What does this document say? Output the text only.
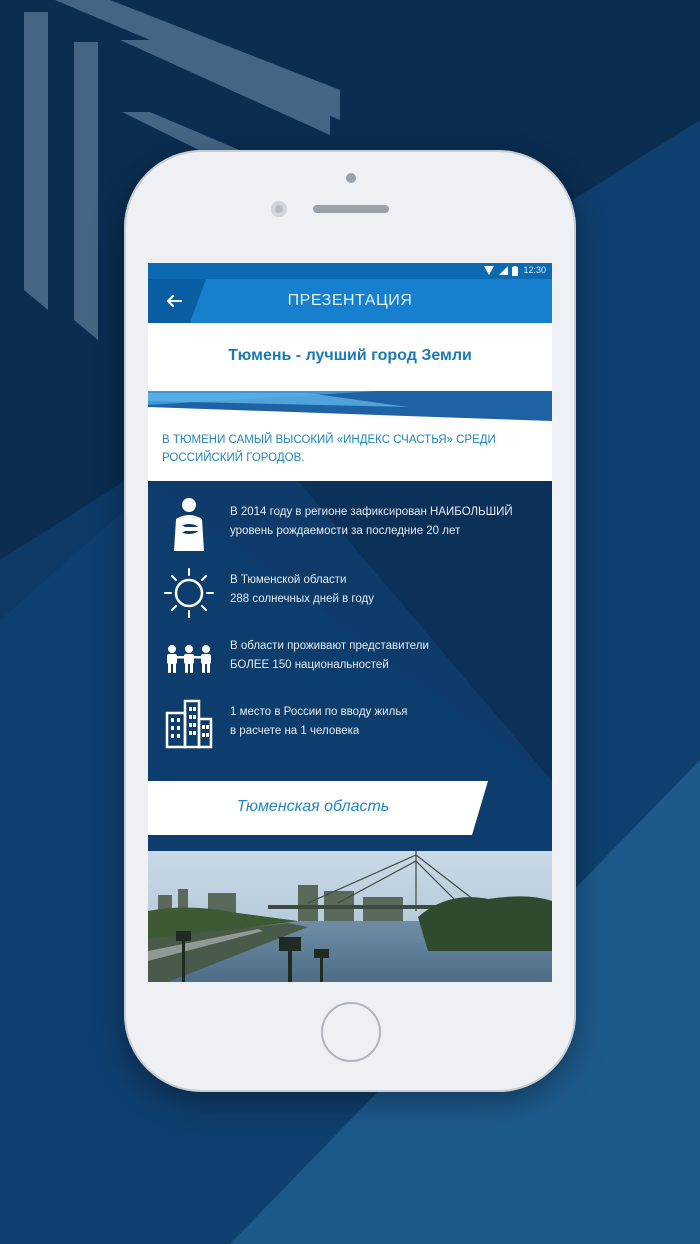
12:30
ПРЕЗЕНТАЦИЯ
Тюмень - лучший город Земли
В ТЮМЕНИ САМЫЙ ВЫСОКИЙ «ИНДЕКС СЧАСТЬЯ» СРЕДИ РОССИЙСКИЙ ГОРОДОВ.
В 2014 году в регионе зафиксирован НАИБОЛЬШИЙ
уровень рождаемости за последние 20 лет
В Тюменской области
288 солнечных дней в году
В области проживают представители
БОЛЕЕ 150 национальностей
1 место в России по вводу жилья
в расчете на 1 человека
Тюменская область
